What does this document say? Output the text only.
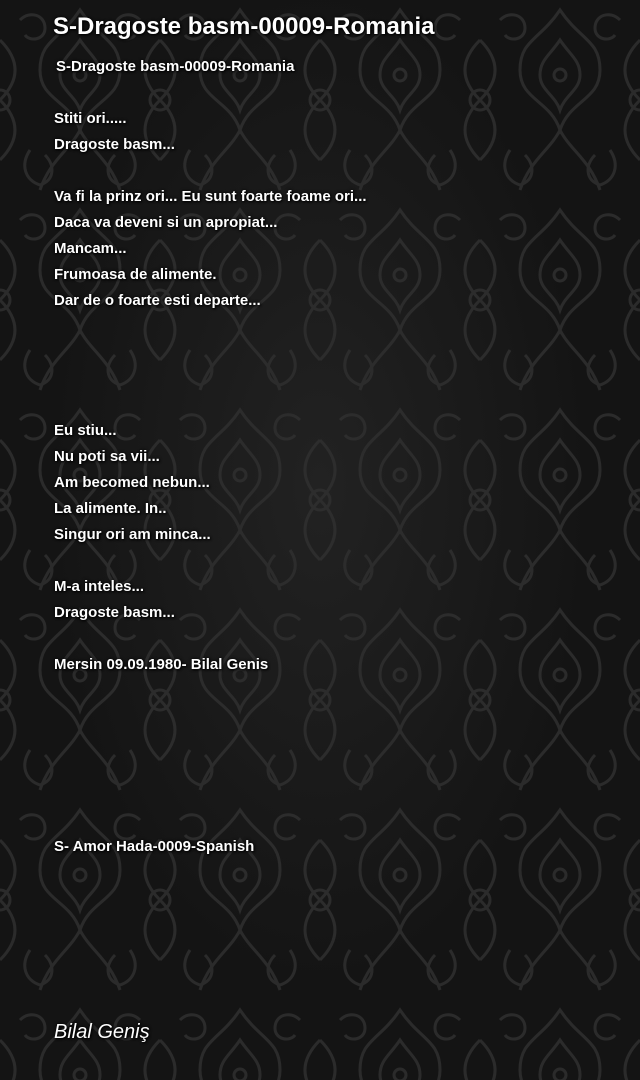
S-Dragoste basm-00009-Romania
S-Dragoste basm-00009-Romania
Stiti ori.....
Dragoste basm...
Va fi la prinz ori... Eu sunt foarte foame ori...
Daca va deveni si un apropiat...
Mancam...
Frumoasa de alimente.
Dar de o foarte esti departe...
Eu stiu...
Nu poti sa vii...
Am becomed nebun...
La alimente. In..
Singur ori am minca...
M-a inteles...
Dragoste basm...
Mersin 09.09.1980- Bilal Genis
S- Amor Hada-0009-Spanish
Bilal Geniş
